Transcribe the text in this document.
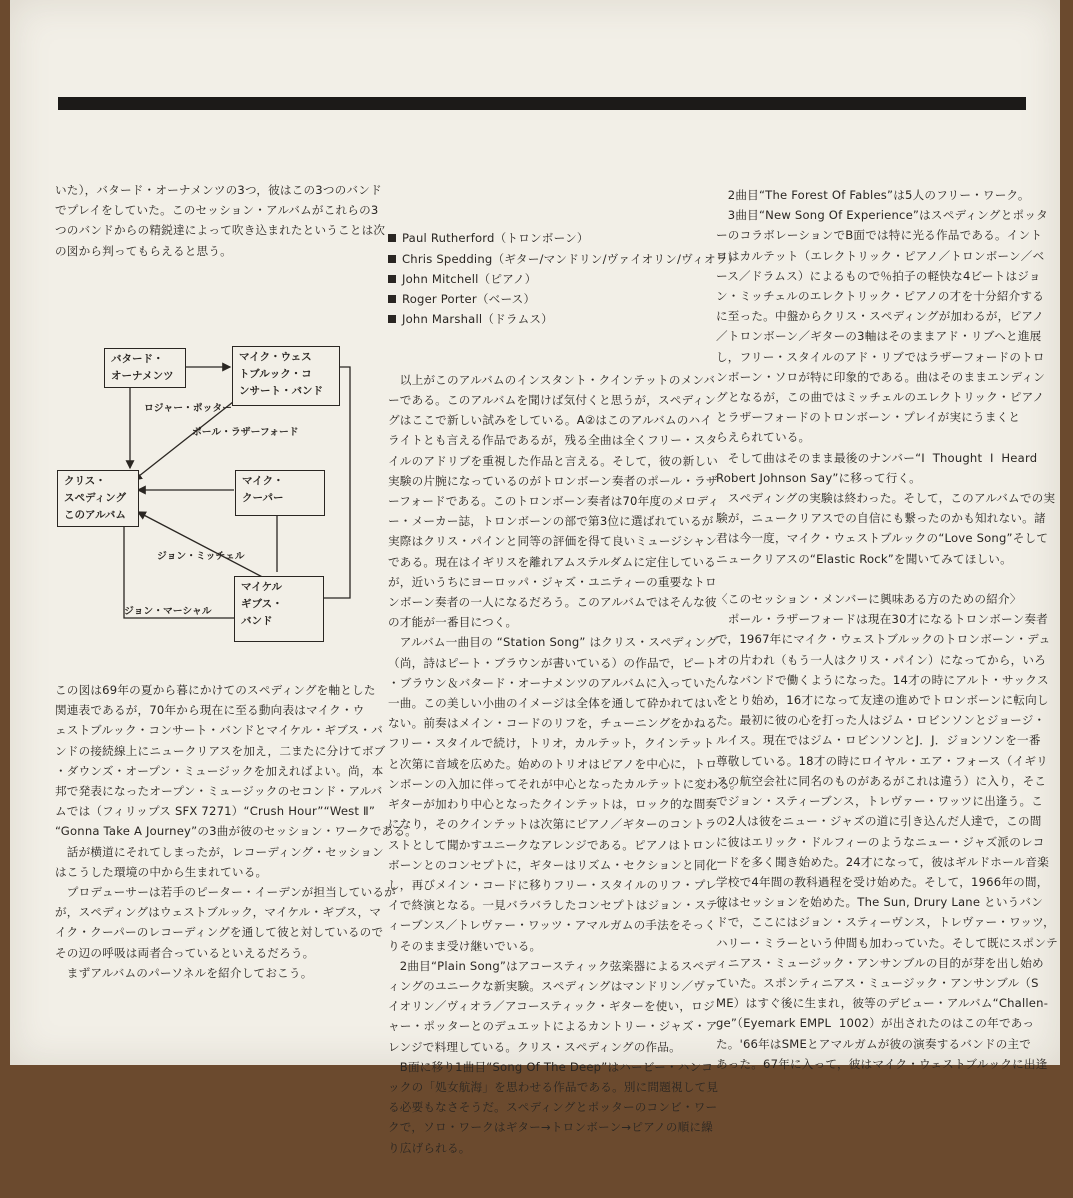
いた），バタード・オーナメンツの3つ，彼はこの3つのバンド

でプレイをしていた。このセッション・アルバムがこれらの3

つのバンドからの精鋭達によって吹き込まれたということは次

の図から判ってもらえると思う。

バタード・
オーナメンツ
マイク・ウェス
トブルック・コ
ンサート・バンド
クリス・
スペディング
このアルバム
マイク・
クーパー
マイケル
ギブス・
バンド
ロジャー・ポッター
ポール・ラザーフォード
ジョン・ミッチェル
ジョン・マーシャル

この図は69年の夏から暮にかけてのスペディングを軸とした

関連表であるが，70年から現在に至る動向表はマイク・ウ

ェストブルック・コンサート・バンドとマイケル・ギブス・バ

ンドの接続線上にニュークリアスを加え，二またに分けてボブ

・ダウンズ・オープン・ミュージックを加えればよい。尚，本

邦で発表になったオープン・ミュージックのセコンド・アルバ

ムでは（フィリップス SFX 7271）“Crush Hour”“West Ⅱ”

“Gonna Take A Journey”の3曲が彼のセッション・ワークである。

　話が横道にそれてしまったが，レコーディング・セッション

はこうした環境の中から生まれている。

　プロデューサーは若手のピーター・イーデンが担当しているが

が，スペディングはウェストブルック，マイケル・ギブス，マ

イク・クーパーのレコーディングを通して彼と対しているので

その辺の呼吸は両者合っているといえるだろう。

　まずアルバムのパーソネルを紹介しておこう。

Paul Rutherford（トロンボーン）

Chris Spedding（ギター/マンドリン/ヴァイオリン/ヴィオラ）

John Mitchell（ピアノ）

Roger Porter（ベース）

John Marshall（ドラムス）

　以上がこのアルバムのインスタント・クインテットのメンバ

ーである。このアルバムを聞けば気付くと思うが，スペディン

グはここで新しい試みをしている。A②はこのアルバムのハイ

ライトとも言える作品であるが，残る全曲は全くフリー・スタ

イルのアドリブを重視した作品と言える。そして，彼の新しい

実験の片腕になっているのがトロンボーン奏者のポール・ラザ

ーフォードである。このトロンボーン奏者は70年度のメロディ

ー・メーカー誌，トロンボーンの部で第3位に選ばれているが

実際はクリス・パインと同等の評価を得て良いミュージシャン

である。現在はイギリスを離れアムステルダムに定住している

が，近いうちにヨーロッパ・ジャズ・ユニティーの重要なトロ

ンボーン奏者の一人になるだろう。このアルバムではそんな彼

の才能が一番目につく。

　アルバム一曲目の “Station Song” はクリス・スペディング

（尚，詩はピート・ブラウンが書いている）の作品で，ピート

・ブラウン＆バタード・オーナメンツのアルバムに入っていた

一曲。この美しい小曲のイメージは全体を通して砕かれてはい

ない。前奏はメイン・コードのリフを，チューニングをかねる

フリー・スタイルで続け，トリオ，カルテット，クインテット

と次第に音域を広めた。始めのトリオはピアノを中心に，トロ

ンボーンの入加に伴ってそれが中心となったカルテットに変わる。

ギターが加わり中心となったクインテットは，ロック的な間奏

になり，そのクインテットは次第にピアノ／ギターのコントラ

ストとして聞かすユニークなアレンジである。ピアノはトロン

ボーンとのコンセプトに，ギターはリズム・セクションと同化

し，再びメイン・コードに移りフリー・スタイルのリフ・プレ

イで終演となる。一見バラバラしたコンセプトはジョン・スティ

ィーブンス／トレヴァー・ワッツ・アマルガムの手法をそっく

りそのまま受け継いでいる。

　2曲目“Plain Song”はアコースティック弦楽器によるスペデ

ィングのユニークな新実験。スペディングはマンドリン／ヴァ

イオリン／ヴィオラ／アコースティック・ギターを使い，ロジ

ャー・ポッターとのデュエットによるカントリー・ジャズ・ア

レンジで料理している。クリス・スペディングの作品。

　B面に移り1曲目“Song Of The Deep”はハービー・ハンコ

ックの「処女航海」を思わせる作品である。別に問題視して見

る必要もなさそうだ。スペディングとポッターのコンビ・ワー

クで，ソロ・ワークはギター→トロンボーン→ピアノの順に繰

り広げられる。

　2曲目“The Forest Of Fables”は5人のフリー・ワーク。

　3曲目“New Song Of Experience”はスペディングとポッタ

ーのコラボレーションでB面では特に光る作品である。イント

ロはカルテット（エレクトリック・ピアノ／トロンボーン／ベ

ース／ドラムス）によるもので％拍子の軽快な4ビートはジョ

ン・ミッチェルのエレクトリック・ピアノの才を十分紹介する

に至った。中盤からクリス・スペディングが加わるが，ピアノ

／トロンボーン／ギターの3軸はそのままアド・リブへと進展

し，フリー・スタイルのアド・リブではラザーフォードのトロ

ンボーン・ソロが特に印象的である。曲はそのままエンディン

グとなるが，この曲ではミッチェルのエレクトリック・ピアノ

とラザーフォードのトロンボーン・プレイが実にうまくと

らえられている。

　そして曲はそのまま最後のナンバー“I  Thought  I  Heard

Robert Johnson Say”に移って行く。

　スペディングの実験は終わった。そして，このアルバムでの実

験が，ニュークリアスでの自信にも繋ったのかも知れない。諸

君は今一度，マイク・ウェストブルックの“Love Song”そして

ニュークリアスの“Elastic Rock”を聞いてみてほしい。

〈このセッション・メンバーに興味ある方のための紹介〉

　ポール・ラザーフォードは現在30才になるトロンボーン奏者

で，1967年にマイク・ウェストブルックのトロンボーン・デュ

オの片われ（もう一人はクリス・パイン）になってから，いろ

んなバンドで働くようになった。14才の時にアルト・サックス

をとり始め，16才になって友達の進めでトロンボーンに転向し

た。最初に彼の心を打った人はジム・ロビンソンとジョージ・

ルイス。現在ではジム・ロビンソンとJ．J．ジョンソンを一番

尊敬している。18才の時にロイヤル・エア・フォース（イギリ

スの航空会社に同名のものがあるがこれは違う）に入り，そこ

でジョン・スティーブンス，トレヴァー・ワッツに出逢う。こ

の2人は彼をニュー・ジャズの道に引き込んだ人達で，この間

に彼はエリック・ドルフィーのようなニュー・ジャズ派のレコ

ードを多く聞き始めた。24才になって，彼はギルドホール音楽

学校で4年間の教科過程を受け始めた。そして，1966年の間，

彼はセッションを始めた。The Sun, Drury Lane というバン

ドで，ここにはジョン・スティーヴンス，トレヴァー・ワッツ，

ハリー・ミラーという仲間も加わっていた。そして既にスポンテ

ィニアス・ミュージック・アンサンブルの目的が芽を出し始め

ていた。スポンティニアス・ミュージック・アンサンブル（S

ME）はすぐ後に生まれ，彼等のデビュー・アルバム“Challen-

ge”（Eyemark EMPL  1002）が出されたのはこの年であっ

た。'66年はSMEとアマルガムが彼の演奏するバンドの主で

あった。67年に入って，彼はマイク・ウェストブルックに出逢
